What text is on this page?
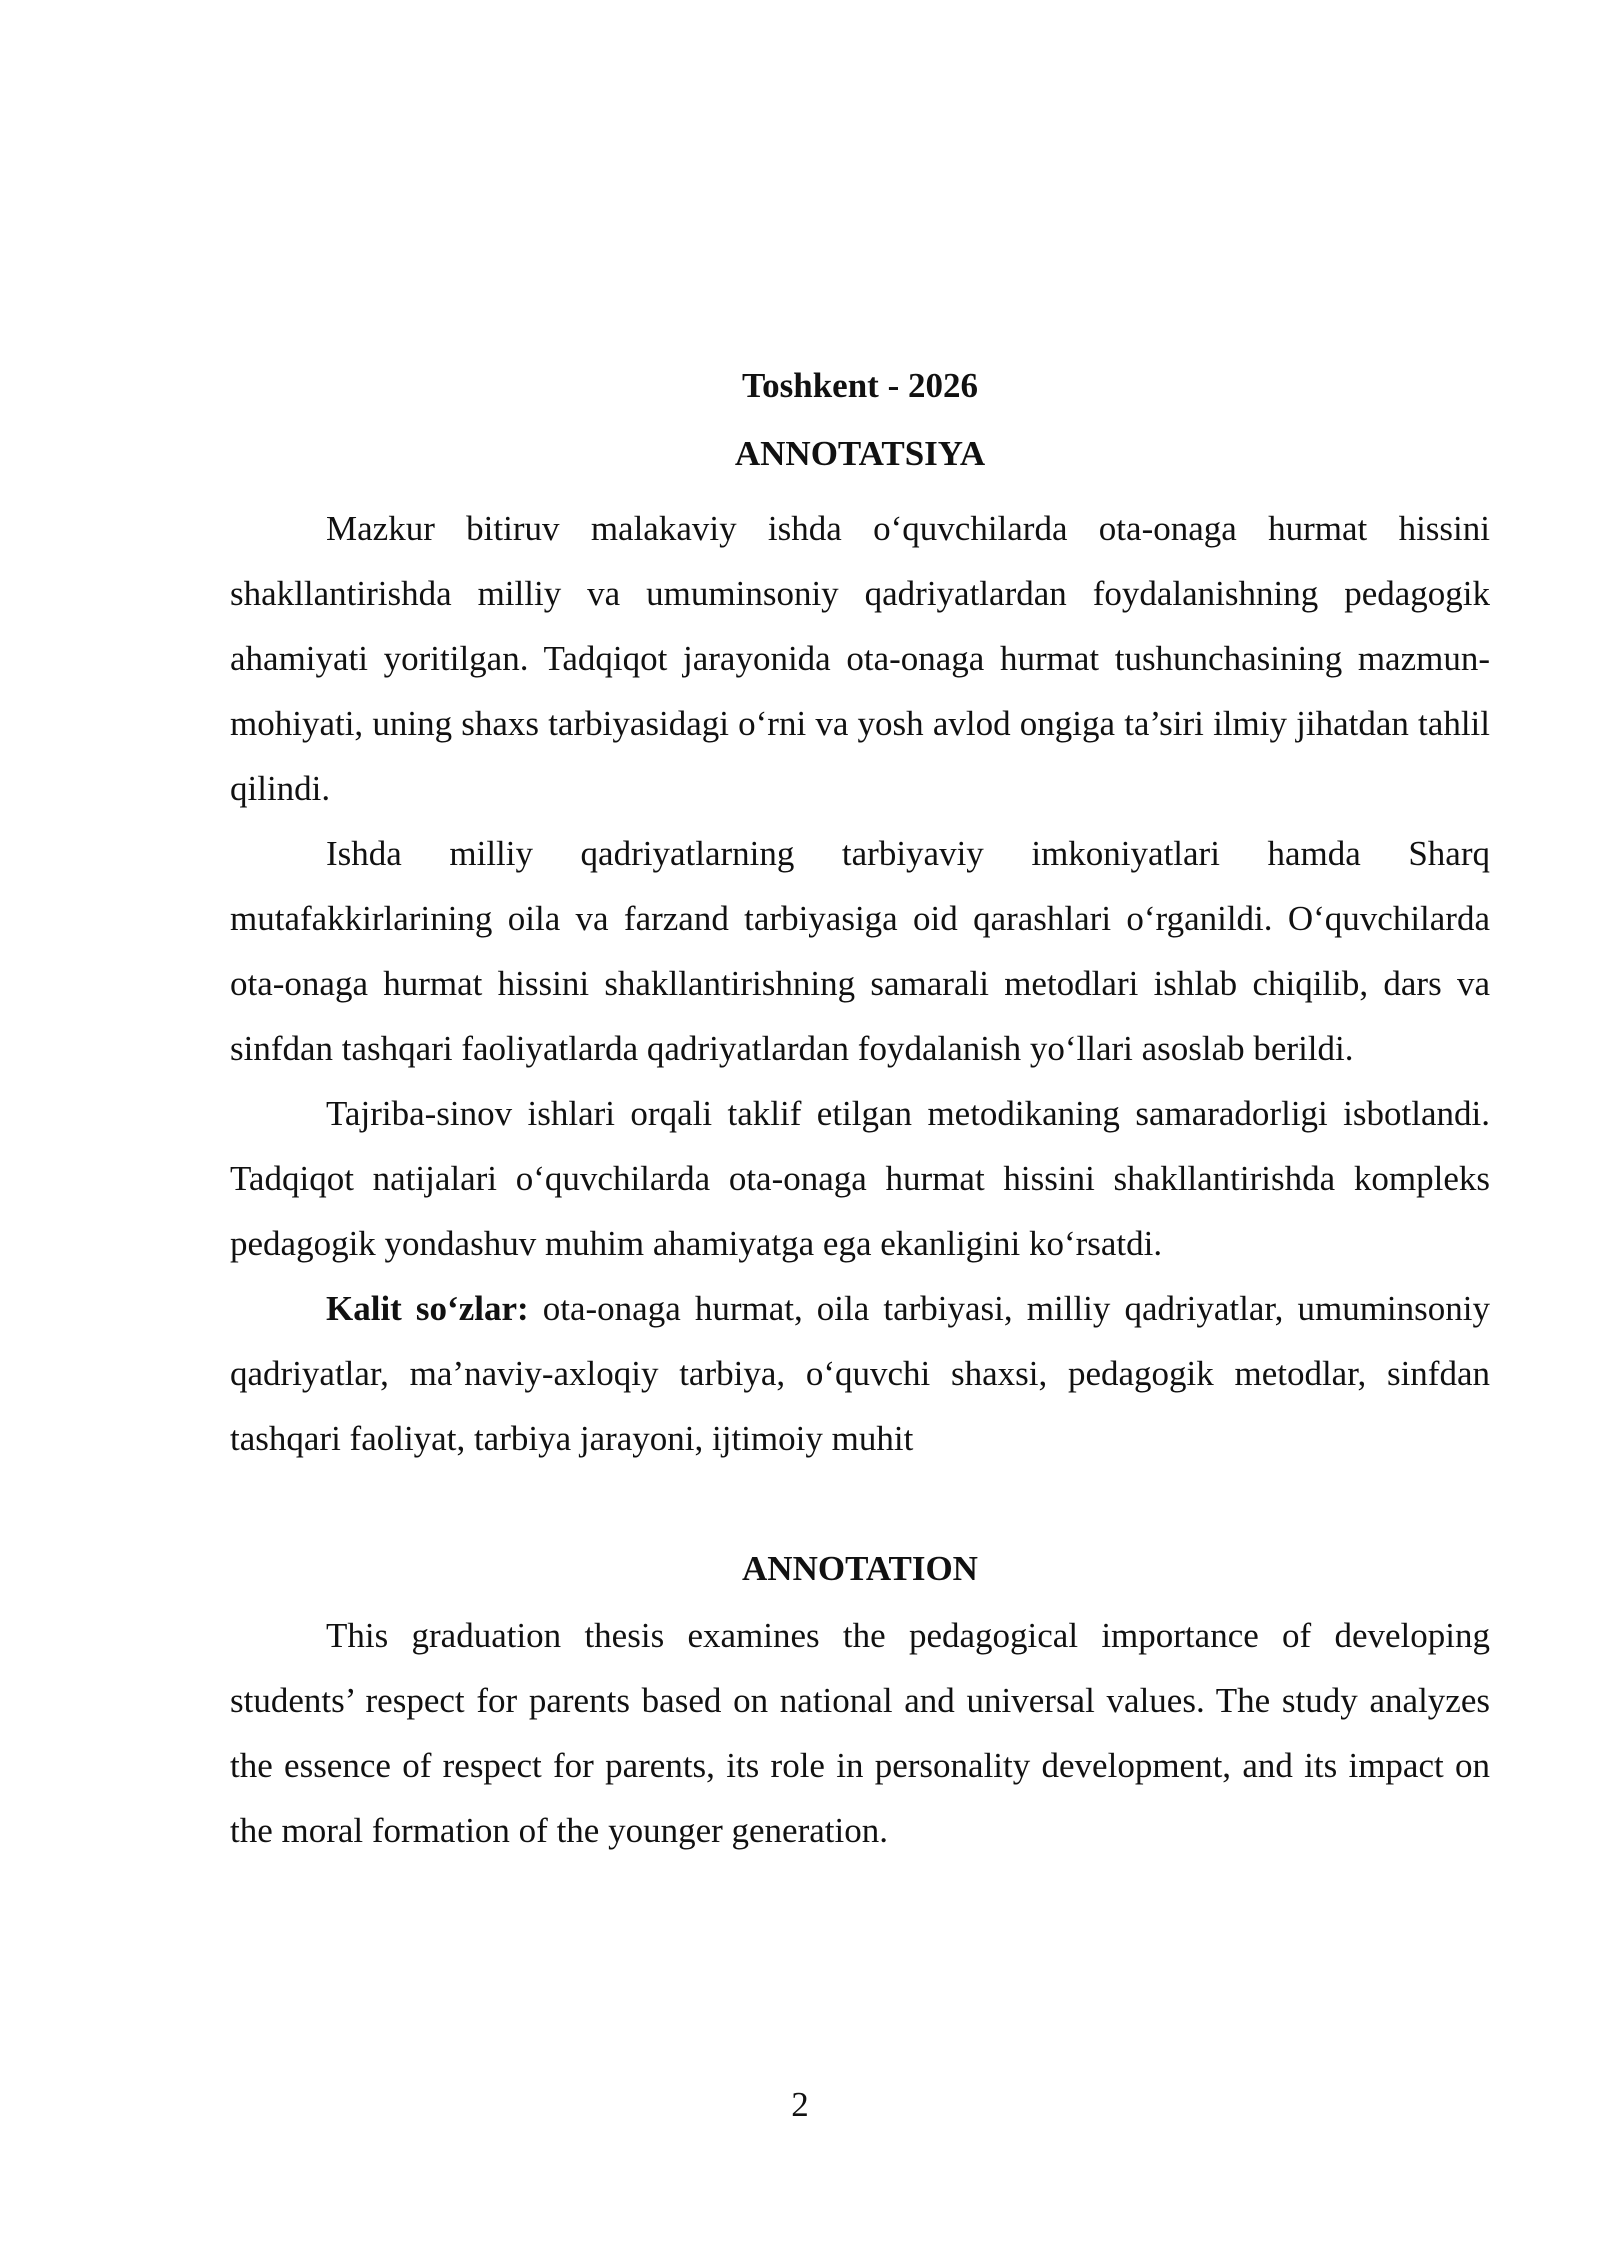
Toshkent - 2026

ANNOTATSIYA

Mazkur bitiruv malakaviy ishda o‘quvchilarda ota-onaga hurmat hissini shakllantirishda milliy va umuminsoniy qadriyatlardan foydalanishning pedagogik ahamiyati yoritilgan. Tadqiqot jarayonida ota-onaga hurmat tushunchasining mazmun-mohiyati, uning shaxs tarbiyasidagi o‘rni va yosh avlod ongiga ta’siri ilmiy jihatdan tahlil qilindi.

Ishda milliy qadriyatlarning tarbiyaviy imkoniyatlari hamda Sharq mutafakkirlarining oila va farzand tarbiyasiga oid qarashlari o‘rganildi. O‘quvchilarda ota-onaga hurmat hissini shakllantirishning samarali metodlari ishlab chiqilib, dars va sinfdan tashqari faoliyatlarda qadriyatlardan foydalanish yo‘llari asoslab berildi.

Tajriba-sinov ishlari orqali taklif etilgan metodikaning samaradorligi isbotlandi. Tadqiqot natijalari o‘quvchilarda ota-onaga hurmat hissini shakllantirishda kompleks pedagogik yondashuv muhim ahamiyatga ega ekanligini ko‘rsatdi.

Kalit so‘zlar: ota-onaga hurmat, oila tarbiyasi, milliy qadriyatlar, umuminsoniy qadriyatlar, ma’naviy-axloqiy tarbiya, o‘quvchi shaxsi, pedagogik metodlar, sinfdan tashqari faoliyat, tarbiya jarayoni, ijtimoiy muhit

ANNOTATION

This graduation thesis examines the pedagogical importance of developing students’ respect for parents based on national and universal values. The study analyzes the essence of respect for parents, its role in personality development, and its impact on the moral formation of the younger generation.

2
